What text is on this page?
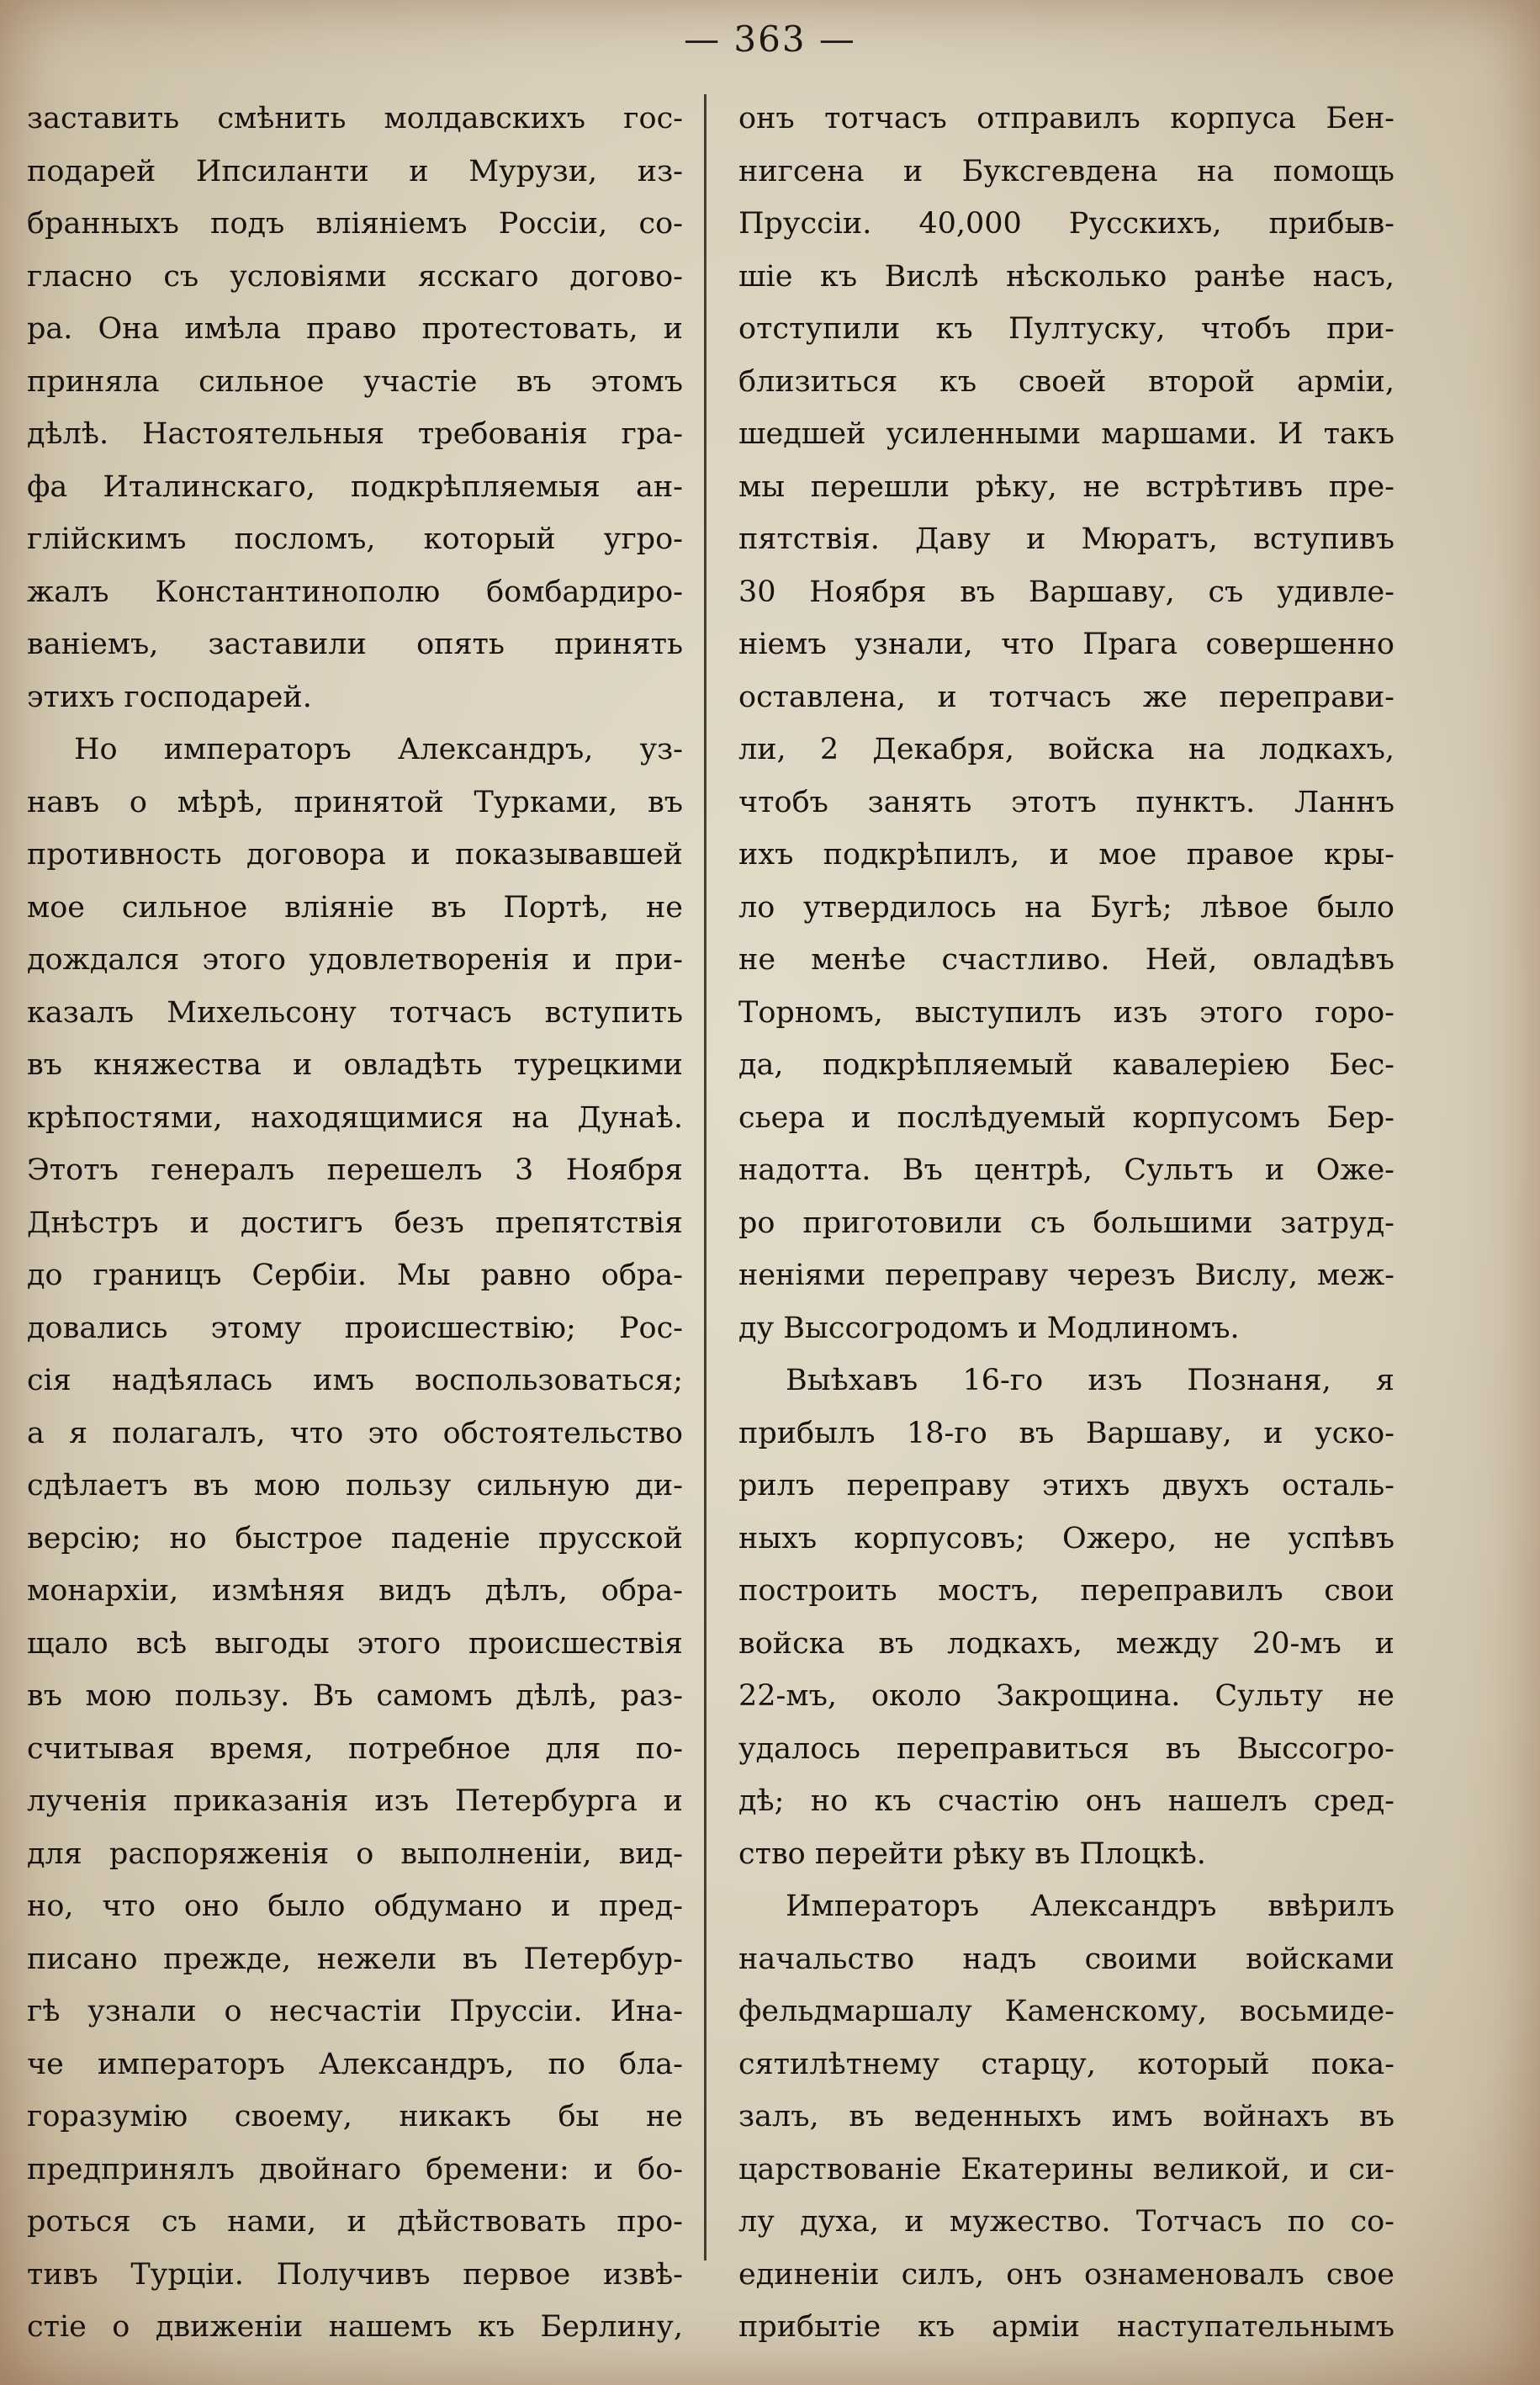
— 363 —
заставить смѣнить молдавскихъ гос-
подарей Ипсиланти и Мурузи, из-
бранныхъ подъ вліяніемъ Россіи, со-
гласно съ условіями ясскаго догово-
ра. Она имѣла право протестовать, и
приняла сильное участіе въ этомъ
дѣлѣ. Настоятельныя требованія гра-
фа Италинскаго, подкрѣпляемыя ан-
глійскимъ посломъ, который угро-
жалъ Константинополю бомбардиро-
ваніемъ, заставили опять принять
этихъ господарей.
Но императоръ Александръ, уз-
навъ о мѣрѣ, принятой Турками, въ
противность договора и показывавшей
мое сильное вліяніе въ Портѣ, не
дождался этого удовлетворенія и при-
казалъ Михельсону тотчасъ вступить
въ княжества и овладѣть турецкими
крѣпостями, находящимися на Дунаѣ.
Этотъ генералъ перешелъ 3 Ноября
Днѣстръ и достигъ безъ препятствія
до границъ Сербіи. Мы равно обра-
довались этому происшествію; Рос-
сія надѣялась имъ воспользоваться;
а я полагалъ, что это обстоятельство
сдѣлаетъ въ мою пользу сильную ди-
версію; но быстрое паденіе прусской
монархіи, измѣняя видъ дѣлъ, обра-
щало всѣ выгоды этого происшествія
въ мою пользу. Въ самомъ дѣлѣ, раз-
считывая время, потребное для по-
лученія приказанія изъ Петербурга и
для распоряженія о выполненіи, вид-
но, что оно было обдумано и пред-
писано прежде, нежели въ Петербур-
гѣ узнали о несчастіи Пруссіи. Ина-
че императоръ Александръ, по бла-
горазумію своему, никакъ бы не
предпринялъ двойнаго бремени: и бо-
роться съ нами, и дѣйствовать про-
тивъ Турціи. Получивъ первое извѣ-
стіе о движеніи нашемъ къ Берлину,
онъ тотчасъ отправилъ корпуса Бен-
нигсена и Буксгевдена на помощь
Пруссіи. 40,000 Русскихъ, прибыв-
шіе къ Вислѣ нѣсколько ранѣе насъ,
отступили къ Пултуску, чтобъ при-
близиться къ своей второй арміи,
шедшей усиленными маршами. И такъ
мы перешли рѣку, не встрѣтивъ пре-
пятствія. Даву и Мюратъ, вступивъ
30 Ноября въ Варшаву, съ удивле-
ніемъ узнали, что Прага совершенно
оставлена, и тотчасъ же переправи-
ли, 2 Декабря, войска на лодкахъ,
чтобъ занять этотъ пунктъ. Ланнъ
ихъ подкрѣпилъ, и мое правое кры-
ло утвердилось на Бугѣ; лѣвое было
не менѣе счастливо. Ней, овладѣвъ
Торномъ, выступилъ изъ этого горо-
да, подкрѣпляемый кавалеріею Бес-
сьера и послѣдуемый корпусомъ Бер-
надотта. Въ центрѣ, Сультъ и Оже-
ро приготовили съ большими затруд-
неніями переправу черезъ Вислу, меж-
ду Выссогродомъ и Модлиномъ.
Выѣхавъ 16-го изъ Познаня, я
прибылъ 18-го въ Варшаву, и уско-
рилъ переправу этихъ двухъ осталь-
ныхъ корпусовъ; Ожеро, не успѣвъ
построить мостъ, переправилъ свои
войска въ лодкахъ, между 20-мъ и
22-мъ, около Закрощина. Сульту не
удалось переправиться въ Выссогро-
дѣ; но къ счастію онъ нашелъ сред-
ство перейти рѣку въ Плоцкѣ.
Императоръ Александръ ввѣрилъ
начальство надъ своими войсками
фельдмаршалу Каменскому, восьмиде-
сятилѣтнему старцу, который пока-
залъ, въ веденныхъ имъ войнахъ въ
царствованіе Екатерины великой, и си-
лу духа, и мужество. Тотчасъ по со-
единеніи силъ, онъ ознаменовалъ свое
прибытіе къ арміи наступательнымъ
